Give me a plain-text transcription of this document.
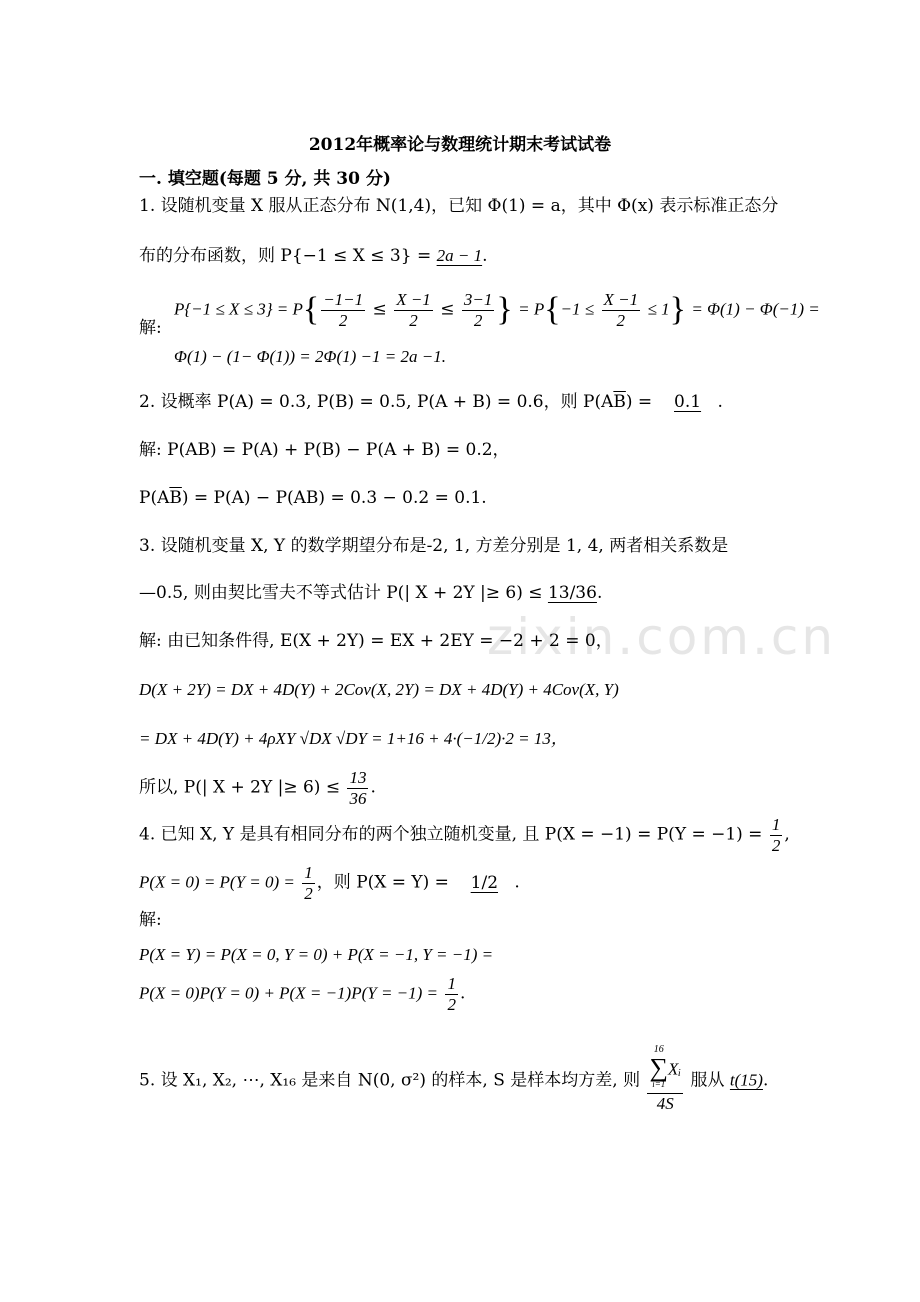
zixin.com.cn
2012年概率论与数理统计期末考试试卷
一. 填空题(每题 5 分, 共 30 分)
1. 设随机变量 X 服从正态分布 N(1,4)，已知 Φ(1) = a，其中 Φ(x) 表示标准正态分
布的分布函数，则 P{−1 ≤ X ≤ 3} = 2a − 1.
解:
$P\{-1 \le X \le 3\} = P\{ \frac{-1-1}{2} \le \frac{X -1}{2} \le \frac{3-1}{2}$ } = $P\{-1 \le \frac{X -1}{2} \le 1\} = \Phi(1) - \Phi(-1)$ =
Φ(1) − (1− Φ(1)) = 2Φ(1) −1 = 2a −1.
2. 设概率 P(A) = 0.3, P(B) = 0.5, P(A + B) = 0.6，则 $P(A\overline{B}) = 0.1$ .
解: P(AB) = P(A) + P(B) − P(A + B) = 0.2，
$P(A\overline{B}) = P(A) - P(AB) = 0.3 - 0.2 = 0.1$.
3. 设随机变量 X, Y 的数学期望分布是-2, 1, 方差分别是 1, 4, 两者相关系数是
—0.5, 则由契比雪夫不等式估计 P(| X + 2Y |≥ 6) ≤ 13/36.
解: 由已知条件得, E(X + 2Y) = EX + 2EY = −2 + 2 = 0，
D(X + 2Y) = DX + 4D(Y) + 2Cov(X, 2Y) = DX + 4D(Y) + 4Cov(X, Y)
= DX + 4D(Y) + 4ρXY √DX √DY = 1+16 + 4·(−1/2)·2 = 13，
所以, P(| X + 2Y |≥ $6) \le \frac{13}{36}$ .
4. 已知 X, Y 是具有相同分布的两个独立随机变量, 且 $P(X = -1) = P(Y = -1) = \frac{1}{2}$ ,
$P(X = 0) = P(Y = 0) = \frac{1}{2}$ ，则 P(X = Y) = 1/2 .
解:
P(X = Y) = P(X = 0, Y = 0) + P(X = −1, Y = −1) =
$P(X = 0)P(Y = 0) + P(X = -1)P(Y = -1) = \frac{1}{2}$ .
5. 设 X₁, X₂, ⋯, X₁₆ 是来自 N(0, σ²) 的样本, S 是样本均方差, 则 16
∑
i=1
Xᵢ
4S 服从 t(15).
